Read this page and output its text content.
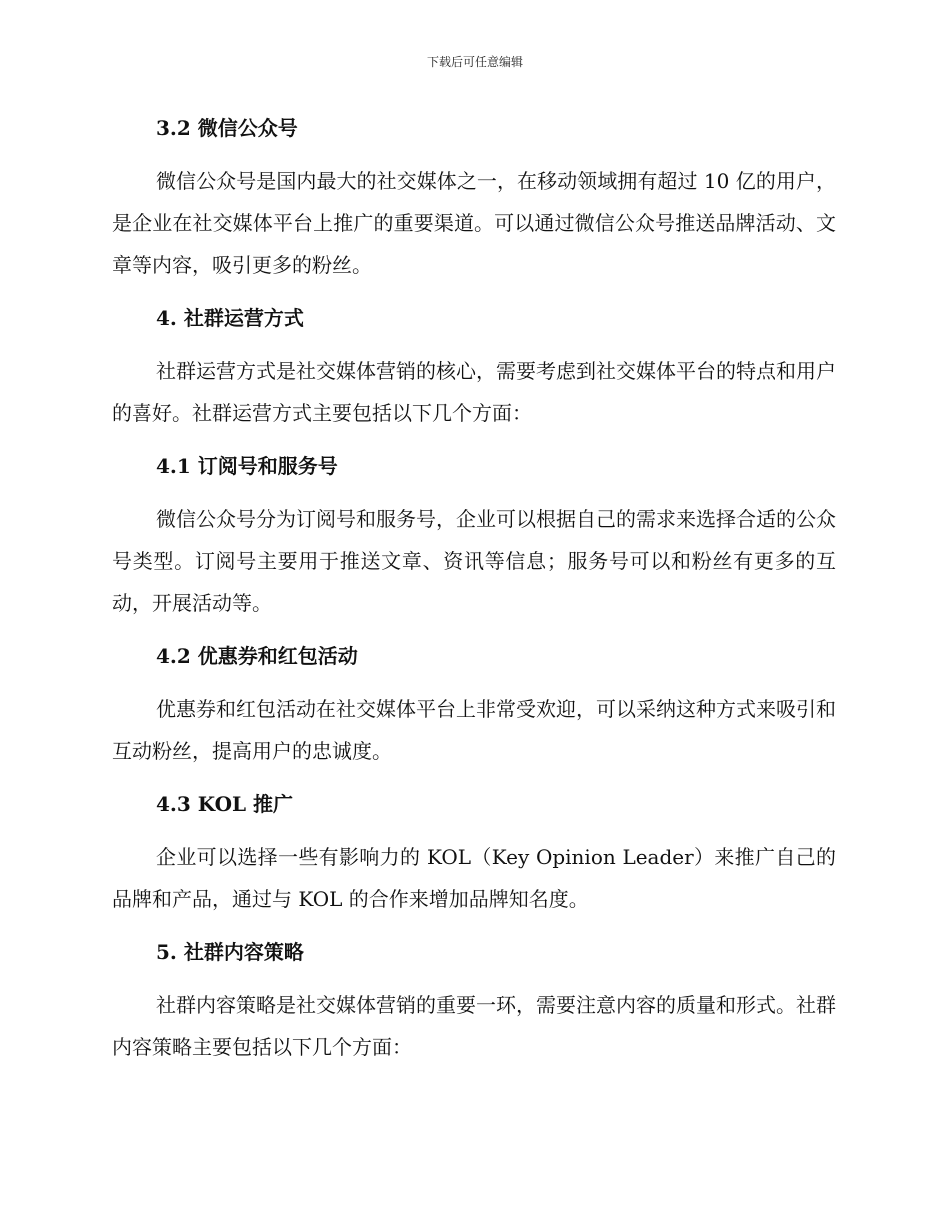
下载后可任意编辑
3.2 微信公众号

微信公众号是国内最大的社交媒体之一，在移动领域拥有超过 10 亿的用户，是企业在社交媒体平台上推广的重要渠道。可以通过微信公众号推送品牌活动、文章等内容，吸引更多的粉丝。

4. 社群运营方式

社群运营方式是社交媒体营销的核心，需要考虑到社交媒体平台的特点和用户的喜好。社群运营方式主要包括以下几个方面：

4.1 订阅号和服务号

微信公众号分为订阅号和服务号，企业可以根据自己的需求来选择合适的公众号类型。订阅号主要用于推送文章、资讯等信息；服务号可以和粉丝有更多的互动，开展活动等。

4.2 优惠券和红包活动

优惠券和红包活动在社交媒体平台上非常受欢迎，可以采纳这种方式来吸引和互动粉丝，提高用户的忠诚度。

4.3 KOL 推广

企业可以选择一些有影响力的 KOL（Key Opinion Leader）来推广自己的品牌和产品，通过与 KOL 的合作来增加品牌知名度。

5. 社群内容策略

社群内容策略是社交媒体营销的重要一环，需要注意内容的质量和形式。社群内容策略主要包括以下几个方面：
